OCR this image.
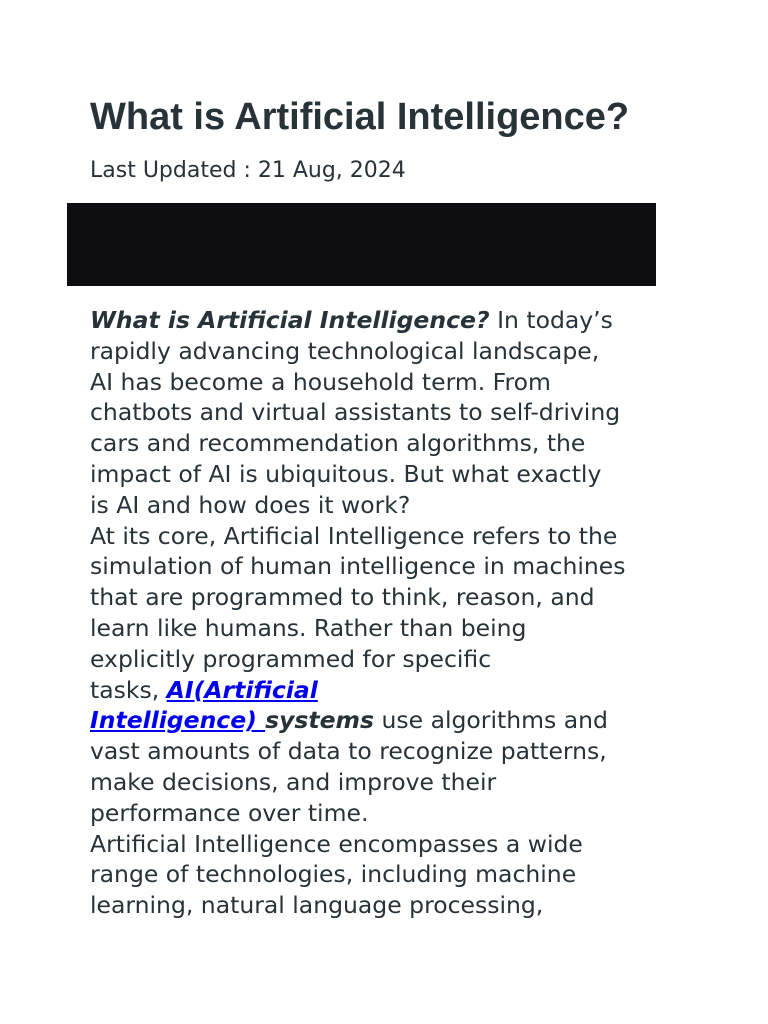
What is Artificial Intelligence?
Last Updated : 21 Aug, 2024
What is Artificial Intelligence? In today’s
rapidly advancing technological landscape,
AI has become a household term. From
chatbots and virtual assistants to self-driving
cars and recommendation algorithms, the
impact of AI is ubiquitous. But what exactly
is AI and how does it work?
At its core, Artificial Intelligence refers to the
simulation of human intelligence in machines
that are programmed to think, reason, and
learn like humans. Rather than being
explicitly programmed for specific
tasks, AI(Artificial
Intelligence) systems use algorithms and
vast amounts of data to recognize patterns,
make decisions, and improve their
performance over time.
Artificial Intelligence encompasses a wide
range of technologies, including machine
learning, natural language processing,
